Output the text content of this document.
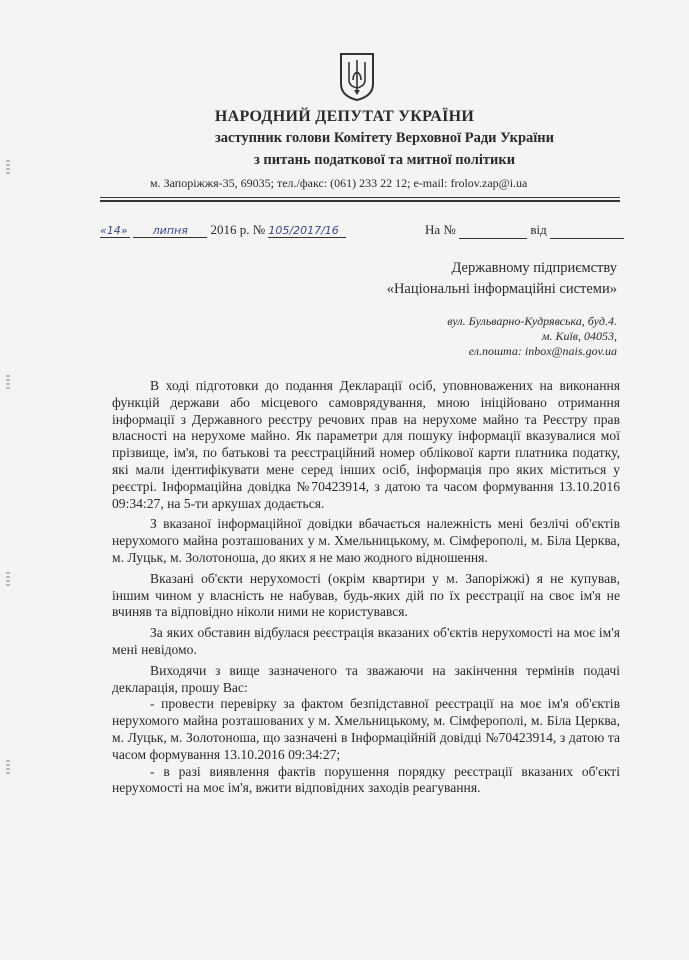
НАРОДНИЙ ДЕПУТАТ УКРАЇНИ
заступник голови Комітету Верховної Ради України
з питань податкової та митної політики
м. Запоріжжя-35, 69035; тел./факс: (061) 233 22 12; e-mail: frolov.zap@i.ua
«14» липня 2016 р. № 105/2017/16	На №	від
Державному підприємству
«Національні інформаційні системи»
вул. Бульварно-Кудрявська, буд.4.
м. Київ, 04053,
ел.пошта: inbox@nais.gov.ua

В ході підготовки до подання Декларації осіб, уповноважених на виконання функцій держави або місцевого самоврядування, мною ініційовано отримання інформації з Державного реєстру речових прав на нерухоме майно та Реєстру прав власності на нерухоме майно. Як параметри для пошуку інформації вказувалися мої прізвище, ім'я, по батькові та реєстраційний номер облікової карти платника податку, які мали ідентифікувати мене серед інших осіб, інформація про яких міститься у реєстрі. Інформаційна довідка №70423914, з датою та часом формування 13.10.2016 09:34:27, на 5-ти аркушах додається.

З вказаної інформаційної довідки вбачається належність мені безлічі об'єктів нерухомого майна розташованих у м. Хмельницькому, м. Сімферополі, м. Біла Церква, м. Луцьк, м. Золотоноша, до яких я не маю жодного відношення.

Вказані об'єкти нерухомості (окрім квартири у м. Запоріжжі) я не купував, іншим чином у власність не набував, будь-яких дій по їх реєстрації на своє ім'я не вчиняв та відповідно ніколи ними не користувався.

За яких обставин відбулася реєстрація вказаних об'єктів нерухомості на моє ім'я мені невідомо.

Виходячи з вище зазначеного та зважаючи на закінчення термінів подачі декларація, прошу Вас:

- провести перевірку за фактом безпідставної реєстрації на моє ім'я об'єктів нерухомого майна розташованих у м. Хмельницькому, м. Сімферополі, м. Біла Церква, м. Луцьк, м. Золотоноша, що зазначені в Інформаційній довідці №70423914, з датою та часом формування 13.10.2016 09:34:27;

- в разі виявлення фактів порушення порядку реєстрації вказаних об'єкті нерухомості на моє ім'я, вжити відповідних заходів реагування.
